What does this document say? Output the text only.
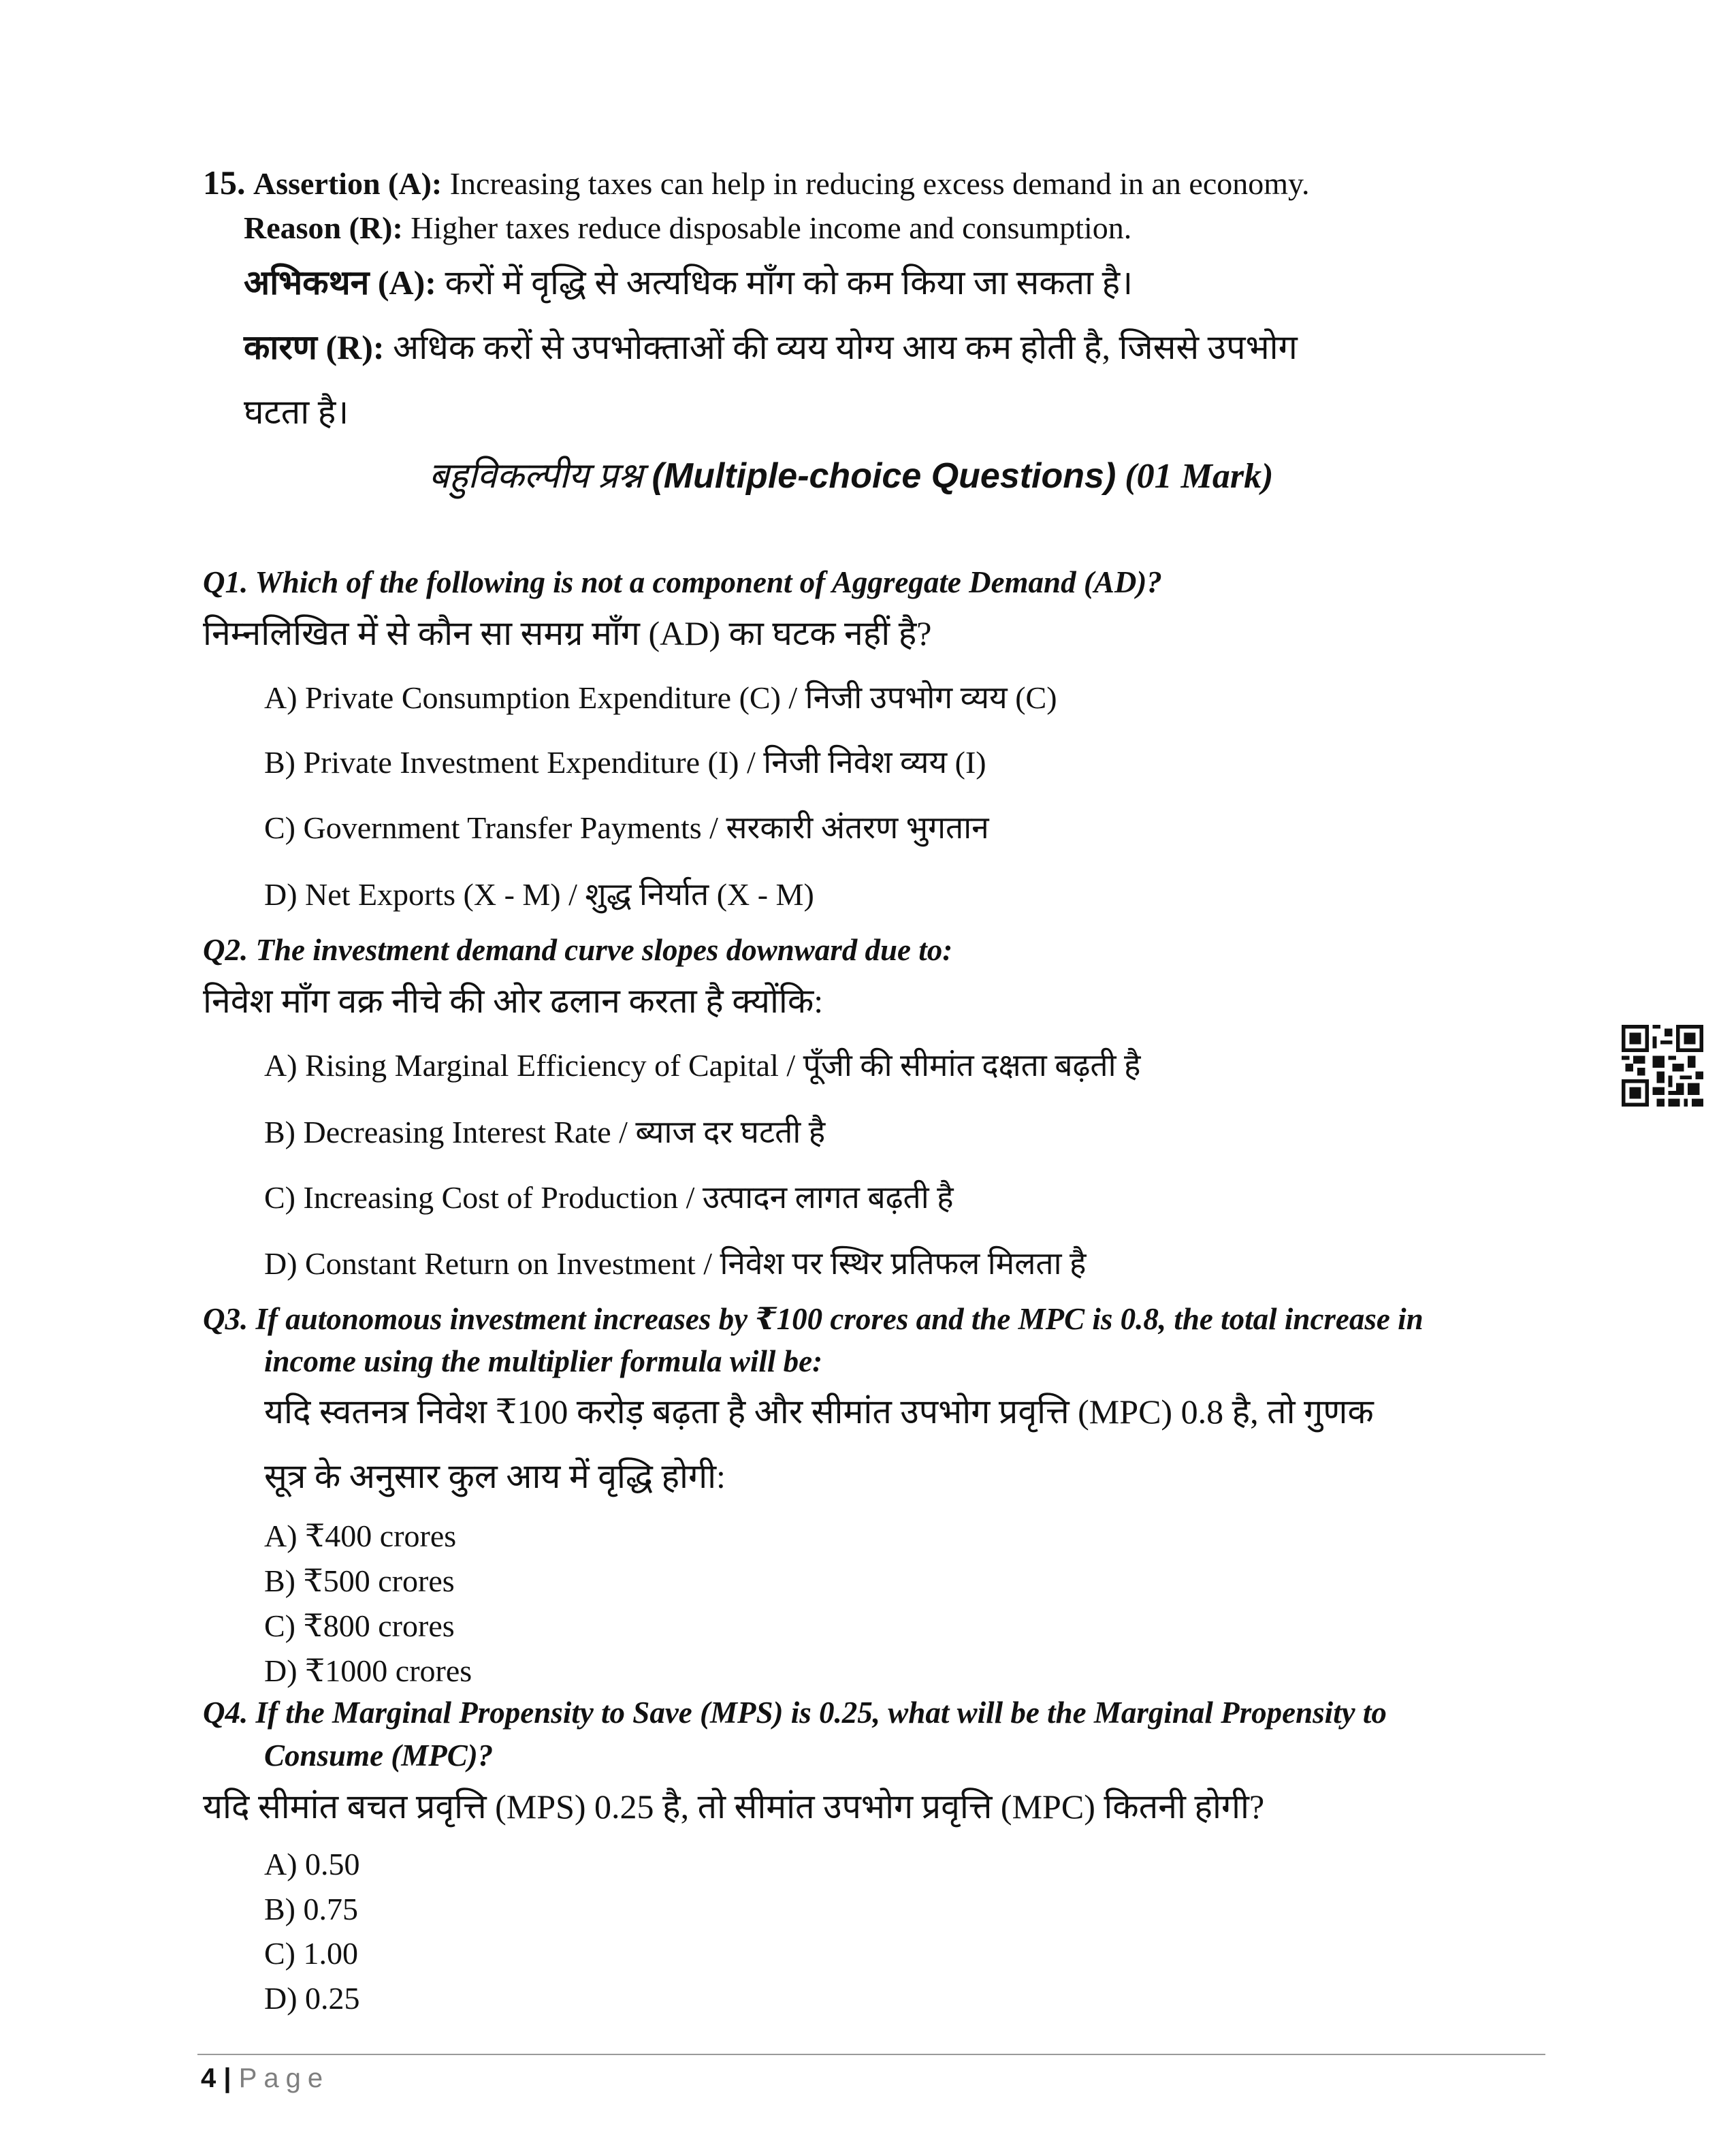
15. Assertion (A): Increasing taxes can help in reducing excess demand in an economy.
Reason (R): Higher taxes reduce disposable income and consumption.
अभिकथन (A): करों में वृद्धि से अत्यधिक माँग को कम किया जा सकता है।
कारण (R): अधिक करों से उपभोक्ताओं की व्यय योग्य आय कम होती है, जिससे उपभोग
घटता है।
बहुविकल्पीय प्रश्न (Multiple-choice Questions) (01 Mark)
Q1. Which of the following is not a component of Aggregate Demand (AD)?
निम्नलिखित में से कौन सा समग्र माँग (AD) का घटक नहीं है?
A) Private Consumption Expenditure (C) / निजी उपभोग व्यय (C)
B) Private Investment Expenditure (I) / निजी निवेश व्यय (I)
C) Government Transfer Payments / सरकारी अंतरण भुगतान
D) Net Exports (X - M) / शुद्ध निर्यात (X - M)
Q2. The investment demand curve slopes downward due to:
निवेश माँग वक्र नीचे की ओर ढलान करता है क्योंकि:
A) Rising Marginal Efficiency of Capital / पूँजी की सीमांत दक्षता बढ़ती है
B) Decreasing Interest Rate / ब्याज दर घटती है
C) Increasing Cost of Production / उत्पादन लागत बढ़ती है
D) Constant Return on Investment / निवेश पर स्थिर प्रतिफल मिलता है
Q3. If autonomous investment increases by ₹100 crores and the MPC is 0.8, the total increase in
income using the multiplier formula will be:
यदि स्वतनत्र निवेश ₹100 करोड़ बढ़ता है और सीमांत उपभोग प्रवृत्ति (MPC) 0.8 है, तो गुणक
सूत्र के अनुसार कुल आय में वृद्धि होगी:
A) ₹400 crores
B) ₹500 crores
C) ₹800 crores
D) ₹1000 crores
Q4. If the Marginal Propensity to Save (MPS) is 0.25, what will be the Marginal Propensity to
Consume (MPC)?
यदि सीमांत बचत प्रवृत्ति (MPS) 0.25 है, तो सीमांत उपभोग प्रवृत्ति (MPC) कितनी होगी?
A) 0.50
B) 0.75
C) 1.00
D) 0.25
4 | Page
